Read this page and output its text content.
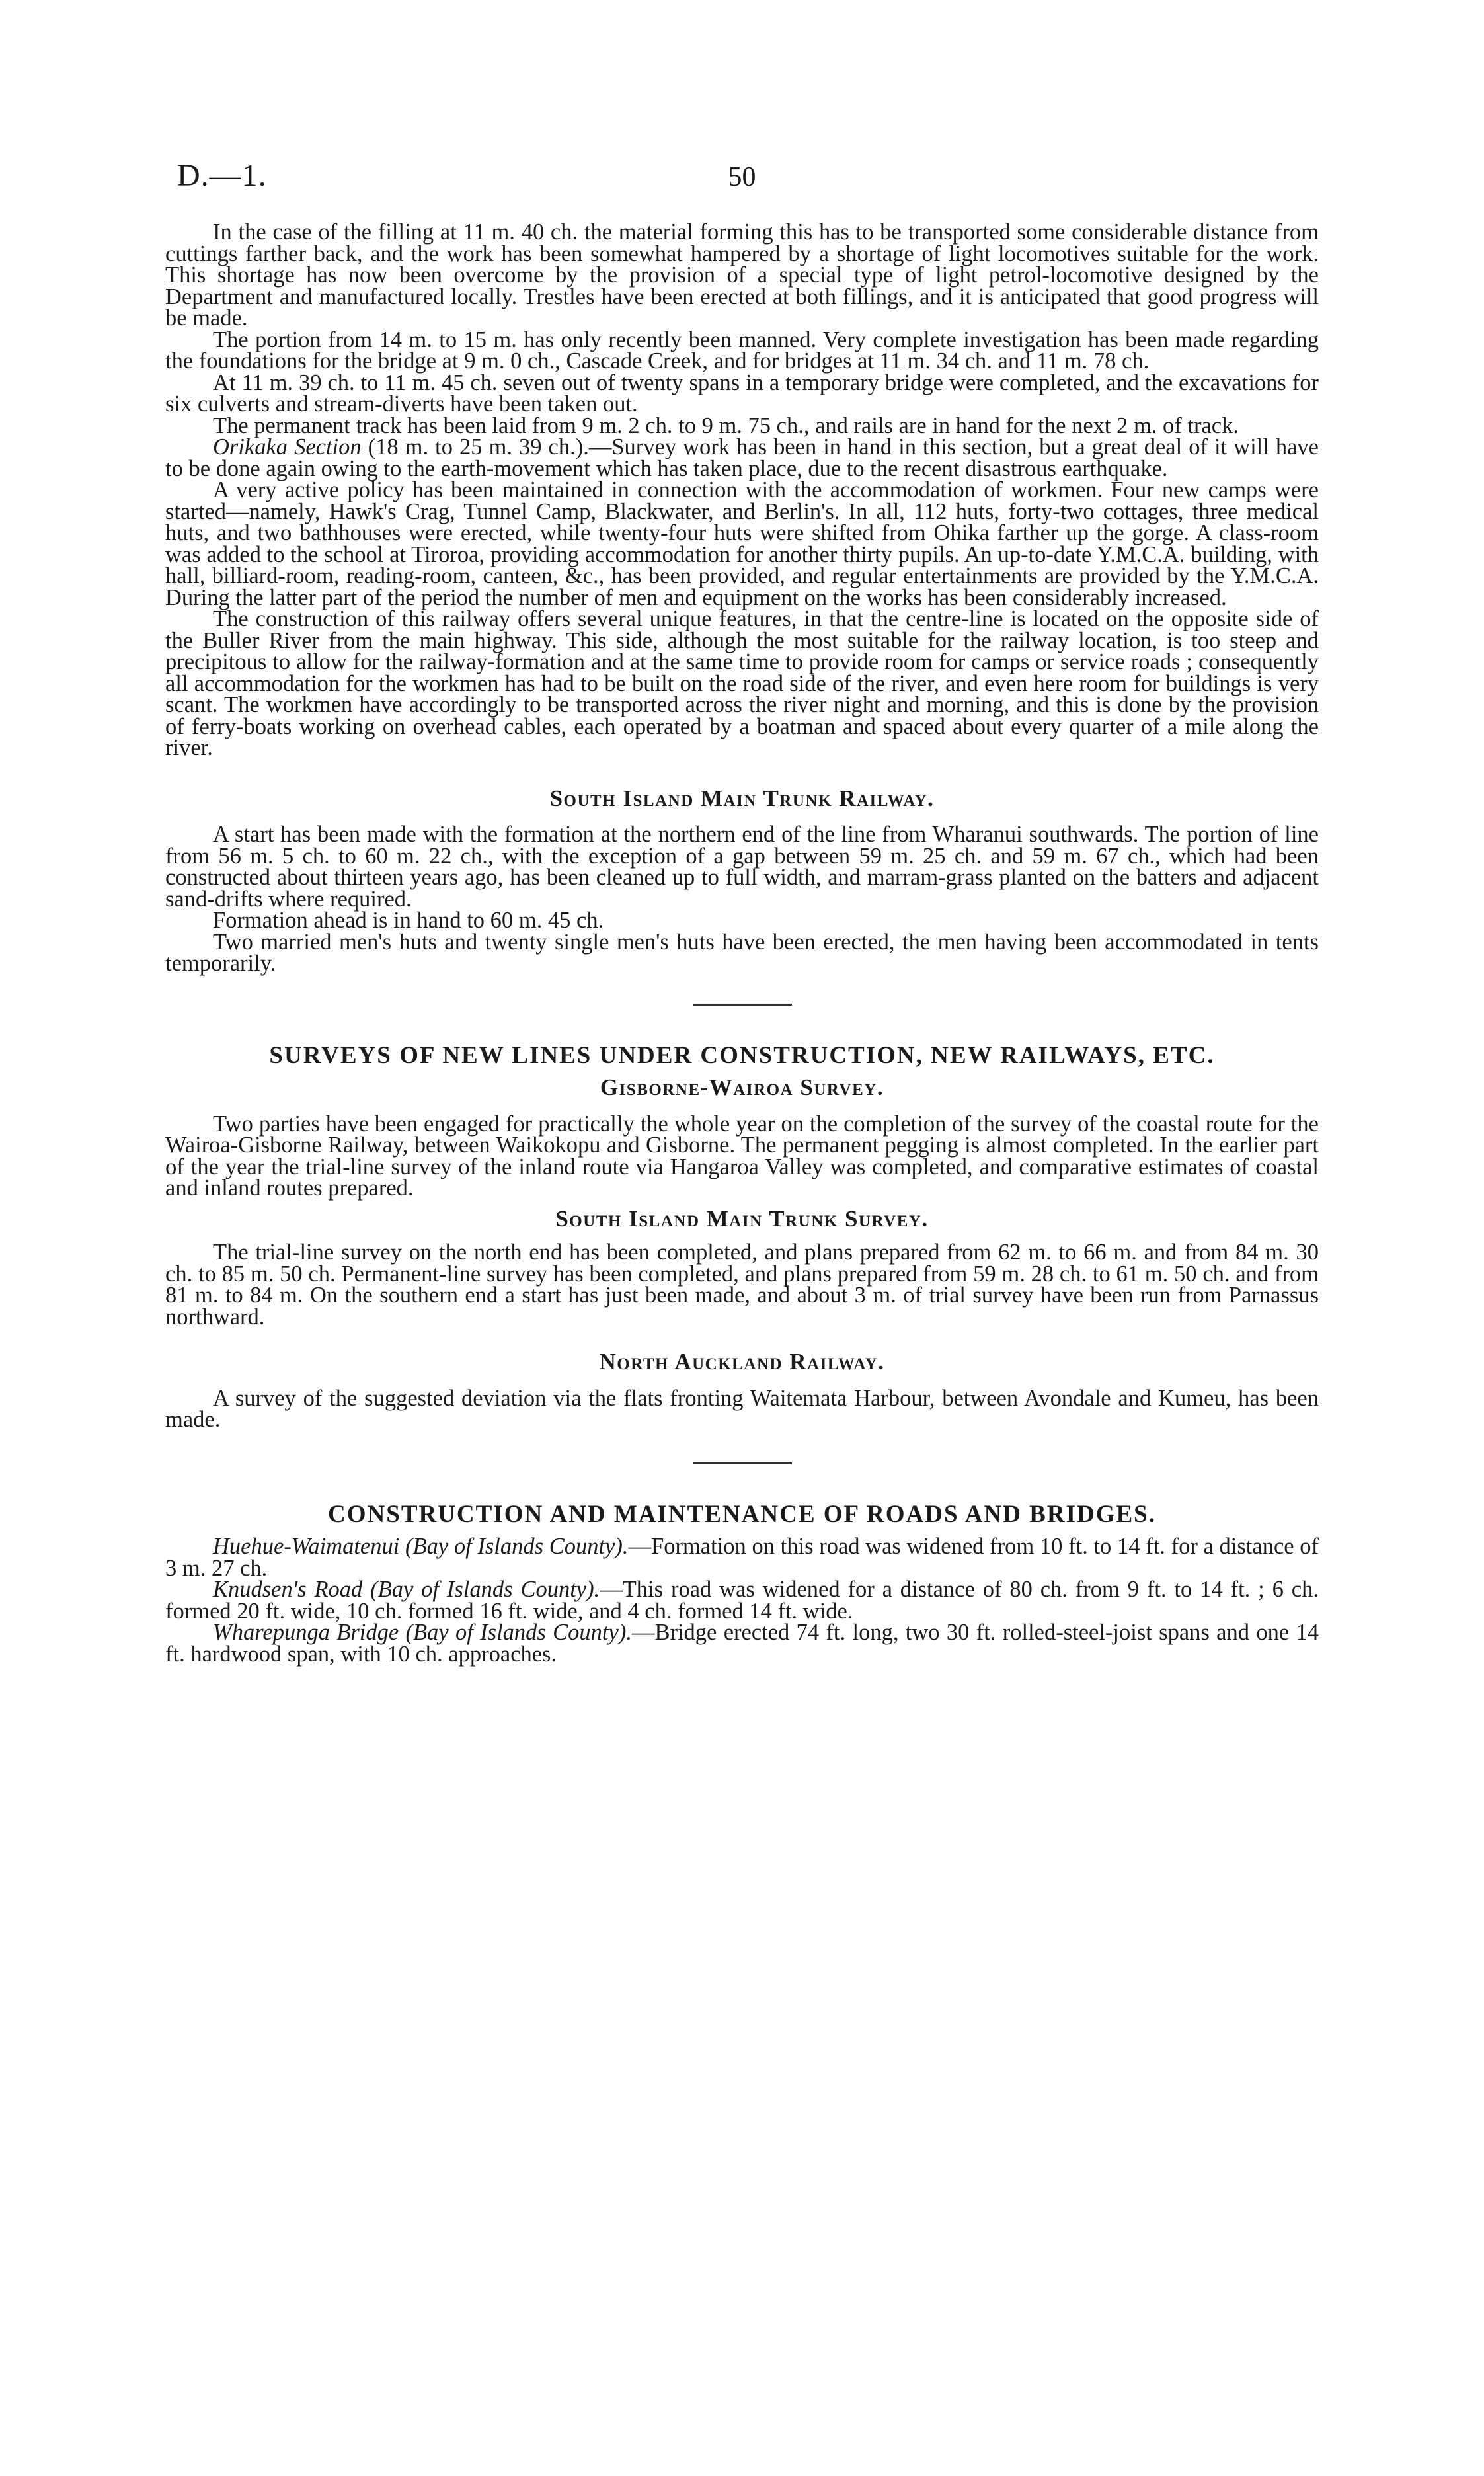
D.—1.	50

In the case of the filling at 11 m. 40 ch. the material forming this has to be transported some considerable distance from cuttings farther back, and the work has been somewhat hampered by a shortage of light locomotives suitable for the work. This shortage has now been overcome by the provision of a special type of light petrol-locomotive designed by the Department and manufactured locally. Trestles have been erected at both fillings, and it is anticipated that good progress will be made.

The portion from 14 m. to 15 m. has only recently been manned. Very complete investigation has been made regarding the foundations for the bridge at 9 m. 0 ch., Cascade Creek, and for bridges at 11 m. 34 ch. and 11 m. 78 ch.

At 11 m. 39 ch. to 11 m. 45 ch. seven out of twenty spans in a temporary bridge were completed, and the excavations for six culverts and stream-diverts have been taken out.

The permanent track has been laid from 9 m. 2 ch. to 9 m. 75 ch., and rails are in hand for the next 2 m. of track.

Orikaka Section (18 m. to 25 m. 39 ch.).—Survey work has been in hand in this section, but a great deal of it will have to be done again owing to the earth-movement which has taken place, due to the recent disastrous earthquake.

A very active policy has been maintained in connection with the accommodation of workmen. Four new camps were started—namely, Hawk's Crag, Tunnel Camp, Blackwater, and Berlin's. In all, 112 huts, forty-two cottages, three medical huts, and two bathhouses were erected, while twenty-four huts were shifted from Ohika farther up the gorge. A class-room was added to the school at Tiroroa, providing accommodation for another thirty pupils. An up-to-date Y.M.C.A. building, with hall, billiard-room, reading-room, canteen, &c., has been provided, and regular entertainments are provided by the Y.M.C.A. During the latter part of the period the number of men and equipment on the works has been considerably increased.

The construction of this railway offers several unique features, in that the centre-line is located on the opposite side of the Buller River from the main highway. This side, although the most suitable for the railway location, is too steep and precipitous to allow for the railway-formation and at the same time to provide room for camps or service roads ; consequently all accommodation for the workmen has had to be built on the road side of the river, and even here room for buildings is very scant. The workmen have accordingly to be transported across the river night and morning, and this is done by the provision of ferry-boats working on overhead cables, each operated by a boatman and spaced about every quarter of a mile along the river.

South Island Main Trunk Railway.

A start has been made with the formation at the northern end of the line from Wharanui southwards. The portion of line from 56 m. 5 ch. to 60 m. 22 ch., with the exception of a gap between 59 m. 25 ch. and 59 m. 67 ch., which had been constructed about thirteen years ago, has been cleaned up to full width, and marram-grass planted on the batters and adjacent sand-drifts where required.

Formation ahead is in hand to 60 m. 45 ch.

Two married men's huts and twenty single men's huts have been erected, the men having been accommodated in tents temporarily.

SURVEYS OF NEW LINES UNDER CONSTRUCTION, NEW RAILWAYS, ETC.
Gisborne-Wairoa Survey.

Two parties have been engaged for practically the whole year on the completion of the survey of the coastal route for the Wairoa-Gisborne Railway, between Waikokopu and Gisborne. The permanent pegging is almost completed. In the earlier part of the year the trial-line survey of the inland route via Hangaroa Valley was completed, and comparative estimates of coastal and inland routes prepared.

South Island Main Trunk Survey.

The trial-line survey on the north end has been completed, and plans prepared from 62 m. to 66 m. and from 84 m. 30 ch. to 85 m. 50 ch. Permanent-line survey has been completed, and plans prepared from 59 m. 28 ch. to 61 m. 50 ch. and from 81 m. to 84 m. On the southern end a start has just been made, and about 3 m. of trial survey have been run from Parnassus northward.

North Auckland Railway.

A survey of the suggested deviation via the flats fronting Waitemata Harbour, between Avondale and Kumeu, has been made.

CONSTRUCTION AND MAINTENANCE OF ROADS AND BRIDGES.

Huehue-Waimatenui (Bay of Islands County).—Formation on this road was widened from 10 ft. to 14 ft. for a distance of 3 m. 27 ch.

Knudsen's Road (Bay of Islands County).—This road was widened for a distance of 80 ch. from 9 ft. to 14 ft. ; 6 ch. formed 20 ft. wide, 10 ch. formed 16 ft. wide, and 4 ch. formed 14 ft. wide.

Wharepunga Bridge (Bay of Islands County).—Bridge erected 74 ft. long, two 30 ft. rolled-steel-joist spans and one 14 ft. hardwood span, with 10 ch. approaches.
